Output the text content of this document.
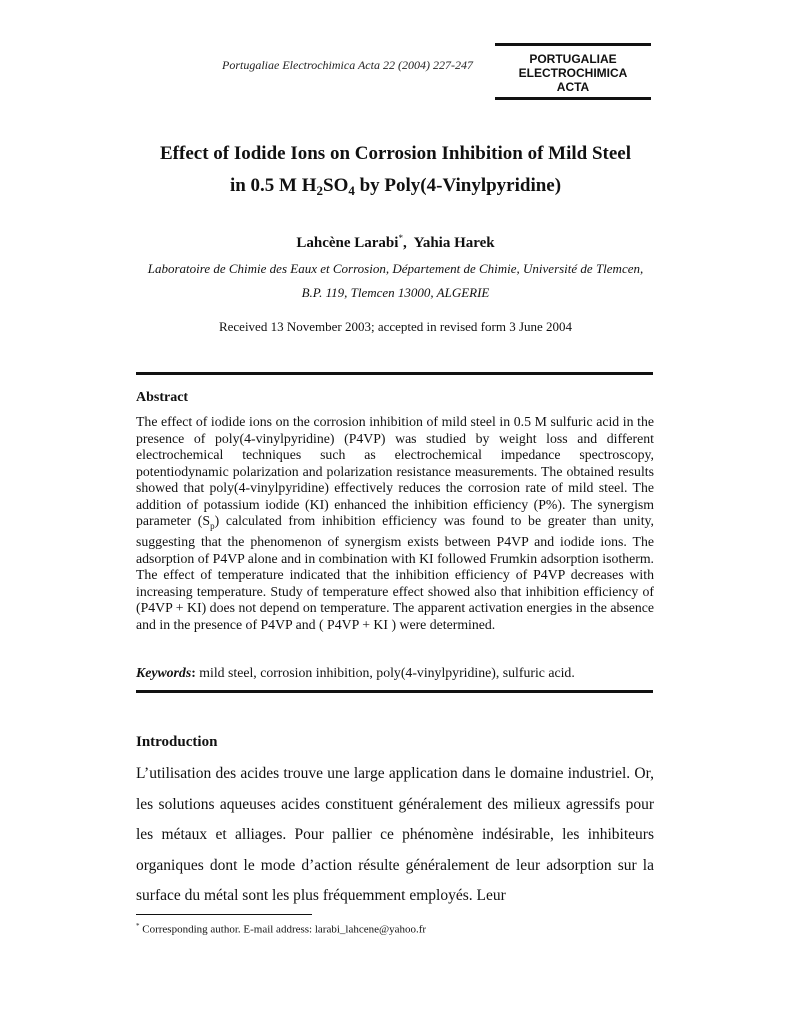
Portugaliae Electrochimica Acta 22 (2004) 227-247	PORTUGALIAE
ELECTROCHIMICA
ACTA
Effect of Iodide Ions on Corrosion Inhibition of Mild Steel
in 0.5 M $H_2SO_4$ by Poly(4-Vinylpyridine)
Lahcène Larabi*,  Yahia Harek
Laboratoire de Chimie des Eaux et Corrosion, Département de Chimie, Université de Tlemcen,
B.P. 119, Tlemcen 13000, ALGERIE
Received 13 November 2003; accepted in revised form 3 June 2004
Abstract
The effect of iodide ions on the corrosion inhibition of mild steel in 0.5 M sulfuric acid in the presence of poly(4-vinylpyridine) (P4VP) was studied by weight loss and different electrochemical techniques such as electrochemical impedance spectroscopy, potentiodynamic polarization and polarization resistance measurements. The obtained results showed that poly(4-vinylpyridine) effectively reduces the corrosion rate of mild steel. The addition of potassium iodide (KI) enhanced the inhibition efficiency (P%). The synergism parameter $(S_p)$ calculated from inhibition efficiency was found to be greater than unity, suggesting that the phenomenon of synergism exists between P4VP and iodide ions. The adsorption of P4VP alone and in combination with KI followed Frumkin adsorption isotherm. The effect of temperature indicated that the inhibition efficiency of P4VP decreases with increasing temperature. Study of temperature effect showed also that inhibition efficiency of (P4VP + KI) does not depend on temperature. The apparent activation energies in the absence and in the presence of P4VP and ( P4VP + KI ) were determined.
Keywords: mild steel, corrosion inhibition, poly(4-vinylpyridine), sulfuric acid.
Introduction
L’utilisation des acides trouve une large application dans le domaine industriel. Or, les solutions aqueuses acides constituent généralement des milieux agressifs pour les métaux et alliages. Pour pallier ce phénomène indésirable, les inhibiteurs organiques dont le mode d’action résulte généralement de leur adsorption sur la surface du métal sont les plus fréquemment employés. Leur
* Corresponding author. E-mail address: larabi_lahcene@yahoo.fr
